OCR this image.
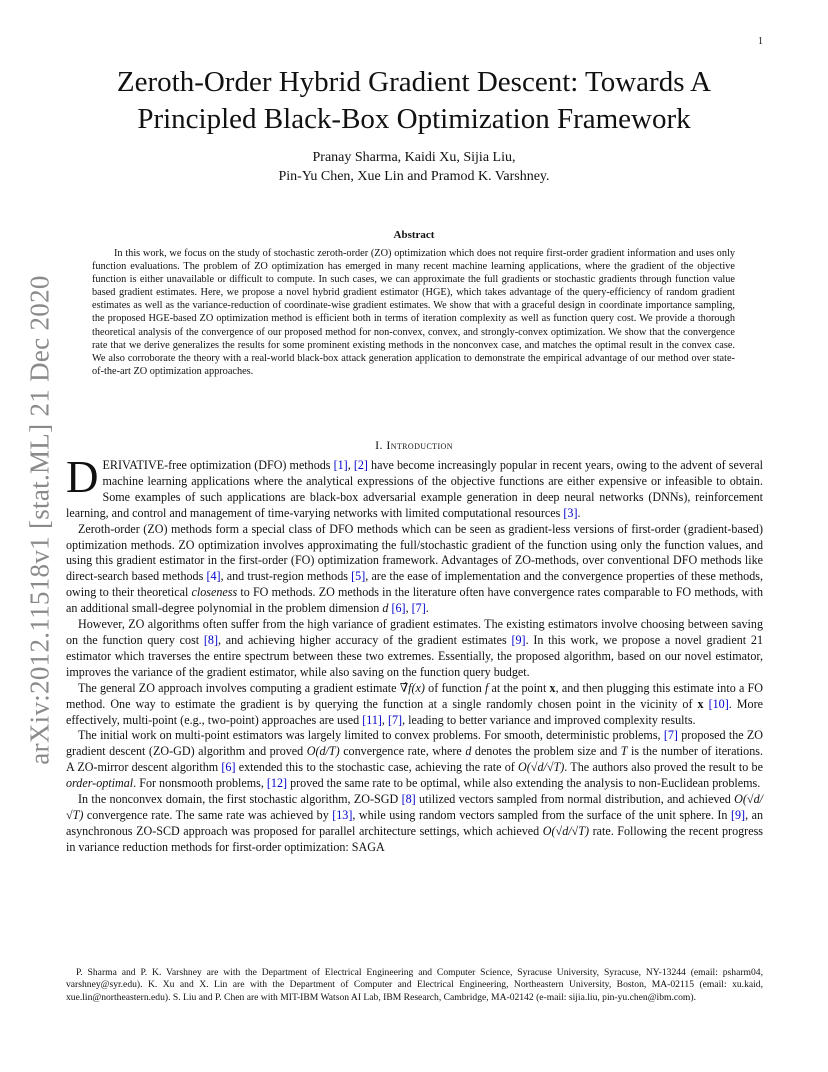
1
arXiv:2012.11518v1 [stat.ML] 21 Dec 2020
Zeroth-Order Hybrid Gradient Descent: Towards A Principled Black-Box Optimization Framework
Pranay Sharma, Kaidi Xu, Sijia Liu,
Pin-Yu Chen, Xue Lin and Pramod K. Varshney.
Abstract

In this work, we focus on the study of stochastic zeroth-order (ZO) optimization which does not require first-order gradient information and uses only function evaluations. The problem of ZO optimization has emerged in many recent machine learning applications, where the gradient of the objective function is either unavailable or difficult to compute. In such cases, we can approximate the full gradients or stochastic gradients through function value based gradient estimates. Here, we propose a novel hybrid gradient estimator (HGE), which takes advantage of the query-efficiency of random gradient estimates as well as the variance-reduction of coordinate-wise gradient estimates. We show that with a graceful design in coordinate importance sampling, the proposed HGE-based ZO optimization method is efficient both in terms of iteration complexity as well as function query cost. We provide a thorough theoretical analysis of the convergence of our proposed method for non-convex, convex, and strongly-convex optimization. We show that the convergence rate that we derive generalizes the results for some prominent existing methods in the nonconvex case, and matches the optimal result in the convex case. We also corroborate the theory with a real-world black-box attack generation application to demonstrate the empirical advantage of our method over state-of-the-art ZO optimization approaches.

I. Introduction

DERIVATIVE-free optimization (DFO) methods [1], [2] have become increasingly popular in recent years, owing to the advent of several machine learning applications where the analytical expressions of the objective functions are either expensive or infeasible to obtain. Some examples of such applications are black-box adversarial example generation in deep neural networks (DNNs), reinforcement learning, and control and management of time-varying networks with limited computational resources [3].

Zeroth-order (ZO) methods form a special class of DFO methods which can be seen as gradient-less versions of first-order (gradient-based) optimization methods. ZO optimization involves approximating the full/stochastic gradient of the function using only the function values, and using this gradient estimator in the first-order (FO) optimization framework. Advantages of ZO-methods, over conventional DFO methods like direct-search based methods [4], and trust-region methods [5], are the ease of implementation and the convergence properties of these methods, owing to their theoretical closeness to FO methods. ZO methods in the literature often have convergence rates comparable to FO methods, with an additional small-degree polynomial in the problem dimension d [6], [7].

However, ZO algorithms often suffer from the high variance of gradient estimates. The existing estimators involve choosing between saving on the function query cost [8], and achieving higher accuracy of the gradient estimates [9]. In this work, we propose a novel gradient 21 estimator which traverses the entire spectrum between these two extremes. Essentially, the proposed algorithm, based on our novel estimator, improves the variance of the gradient estimator, while also saving on the function query budget.

The general ZO approach involves computing a gradient estimate ∇̂f(x) of function f at the point x, and then plugging this estimate into a FO method. One way to estimate the gradient is by querying the function at a single randomly chosen point in the vicinity of x [10]. More effectively, multi-point (e.g., two-point) approaches are used [11], [7], leading to better variance and improved complexity results.

The initial work on multi-point estimators was largely limited to convex problems. For smooth, deterministic problems, [7] proposed the ZO gradient descent (ZO-GD) algorithm and proved O(d/T) convergence rate, where d denotes the problem size and T is the number of iterations. A ZO-mirror descent algorithm [6] extended this to the stochastic case, achieving the rate of O(√d/√T). The authors also proved the result to be order-optimal. For nonsmooth problems, [12] proved the same rate to be optimal, while also extending the analysis to non-Euclidean problems.

In the nonconvex domain, the first stochastic algorithm, ZO-SGD [8] utilized vectors sampled from normal distribution, and achieved O(√d/√T) convergence rate. The same rate was achieved by [13], while using random vectors sampled from the surface of the unit sphere. In [9], an asynchronous ZO-SCD approach was proposed for parallel architecture settings, which achieved O(√d/√T) rate. Following the recent progress in variance reduction methods for first-order optimization: SAGA

P. Sharma and P. K. Varshney are with the Department of Electrical Engineering and Computer Science, Syracuse University, Syracuse, NY-13244 (email: psharm04, varshney@syr.edu). K. Xu and X. Lin are with the Department of Computer and Electrical Engineering, Northeastern University, Boston, MA-02115 (email: xu.kaid, xue.lin@northeastern.edu). S. Liu and P. Chen are with MIT-IBM Watson AI Lab, IBM Research, Cambridge, MA-02142 (e-mail: sijia.liu, pin-yu.chen@ibm.com).
